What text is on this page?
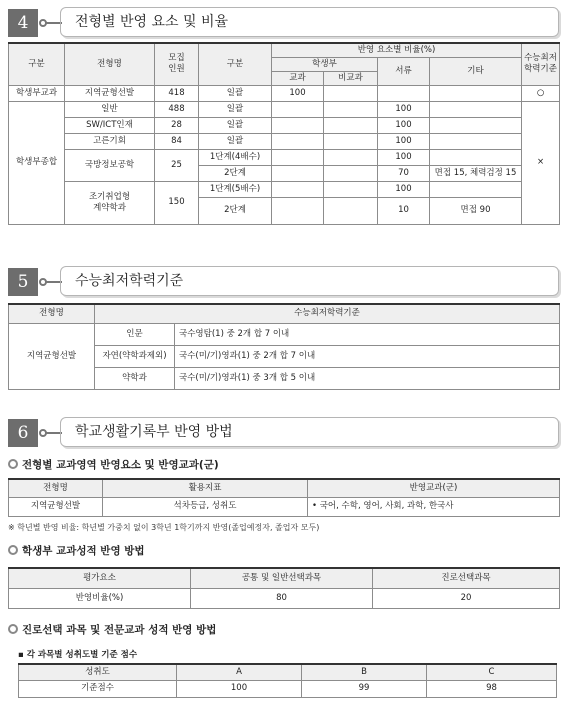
4	전형별 반영 요소 및 비율
구분	전형명	모집
인원	구분	반영 요소별 비율(%)				수능최저
학력기준
				학생부		서류	기타	
				교과	비교과			
학생부교과	지역균형선발	418	일괄	100				○
학생부종합	일반	488	일괄			100		×
	SW/ICT인재	28	일괄			100		
	고른기회	84	일괄			100		
	국방정보공학	25	1단계(4배수)			100		
			2단계			70	면접 15, 체력검정 15	
	조기취업형
계약학과	150	1단계(5배수)			100		
			2단계			10	면접 90	
5	수능최저학력기준
전형명	수능최저학력기준	
지역균형선발	인문	국수영탐(1) 중 2개 합 7 이내
	자연(약학과제외)	국수(미/기)영과(1) 중 2개 합 7 이내
	약학과	국수(미/기)영과(1) 중 3개 합 5 이내
6	학교생활기록부 반영 방법
전형별 교과영역 반영요소 및 반영교과(군)
전형명	활용지표	반영교과(군)
지역균형선발	석차등급, 성취도	• 국어, 수학, 영어, 사회, 과학, 한국사
※ 학년별 반영 비율: 학년별 가중치 없이 3학년 1학기까지 반영(졸업예정자, 졸업자 모두)
학생부 교과성적 반영 방법
평가요소	공통 및 일반선택과목	진로선택과목
반영비율(%)	80	20
진로선택 과목 및 전문교과 성적 반영 방법
▪ 각 과목별 성취도별 기준 점수
성취도	A	B	C
기준점수	100	99	98
